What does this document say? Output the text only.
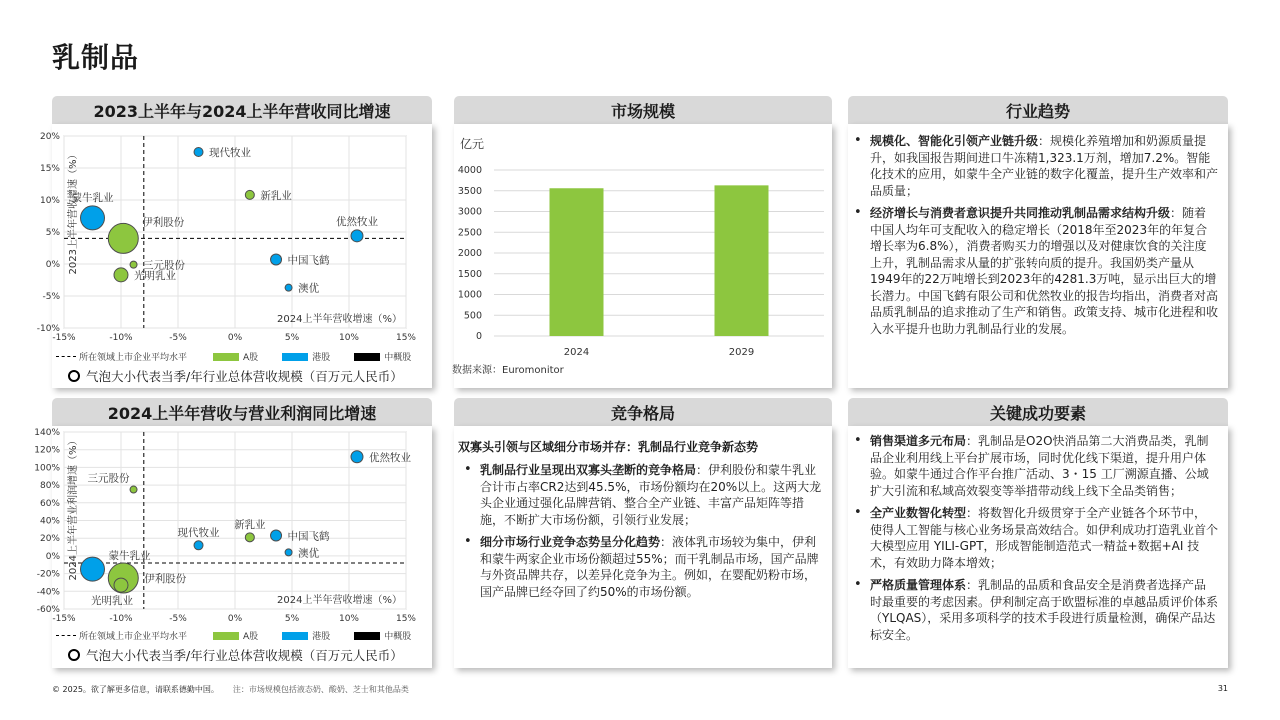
乳制品
2023上半年与2024上半年营收同比增速
20%
15%
10%
5%
0%
-5%
-10%
-15%	-10%	-5%	0%	5%	10%	15%
2024上半年营收增速（%）
2023上半年营收增速（%）	现代牧业
新乳业
蒙牛乳业
伊利股份	优然牧业
三元股份
光明乳业
中国飞鹤
澳优
所在领域上市企业平均水平	A股	港股	中概股
气泡大小代表当季/年行业总体营收规模（百万元人民币）
市场规模
亿元
4000
3500
3000
2500
2000
1500
1000
500
0
2024	2029
数据来源：Euromonitor
行业趋势
• 规模化、智能化引领产业链升级：规模化养殖增加和奶源质量提升，如我国报告期间进口牛冻精1,323.1万剂，增加7.2%。智能化技术的应用，如蒙牛全产业链的数字化覆盖，提升生产效率和产品质量；
• 经济增长与消费者意识提升共同推动乳制品需求结构升级：随着中国人均年可支配收入的稳定增长（2018年至2023年的年复合增长率为6.8%），消费者购买力的增强以及对健康饮食的关注度上升，乳制品需求从量的扩张转向质的提升。我国奶类产量从1949年的22万吨增长到2023年的4281.3万吨，显示出巨大的增长潜力。中国飞鹤有限公司和优然牧业的报告均指出，消费者对高品质乳制品的追求推动了生产和销售。政策支持、城市化进程和收入水平提升也助力乳制品行业的发展。
2024上半年营收与营业利润同比增速
140%
120%
100%
80%
60%
40%
20%
0%
-20%
-40%
-60%
-15%	-10%	-5%	0%	5%	10%	15%
2024上半年营收增速（%）
2024上半年营业利润增速（%）	优然牧业
三元股份
现代牧业
新乳业
中国飞鹤
澳优
蒙牛乳业
伊利股份
光明乳业
所在领域上市企业平均水平	A股	港股	中概股
气泡大小代表当季/年行业总体营收规模（百万元人民币）
竞争格局
双寡头引领与区域细分市场并存：乳制品行业竞争新态势
• 乳制品行业呈现出双寡头垄断的竞争格局：伊利股份和蒙牛乳业合计市占率CR2达到45.5%，市场份额均在20%以上。这两大龙头企业通过强化品牌营销、整合全产业链、丰富产品矩阵等措施，不断扩大市场份额，引领行业发展；
• 细分市场行业竞争态势呈分化趋势：液体乳市场较为集中，伊利和蒙牛两家企业市场份额超过55%；而干乳制品市场，国产品牌与外资品牌共存，以差异化竞争为主。例如，在婴配奶粉市场，国产品牌已经夺回了约50%的市场份额。
关键成功要素
• 销售渠道多元布局：乳制品是O2O快消品第二大消费品类，乳制品企业利用线上平台扩展市场，同时优化线下渠道，提升用户体验。如蒙牛通过合作平台推广活动、3・15 工厂溯源直播、公域扩大引流和私域高效裂变等举措带动线上线下全品类销售；
• 全产业数智化转型：将数智化升级贯穿于全产业链各个环节中，使得人工智能与核心业务场景高效结合。如伊利成功打造乳业首个大模型应用 YILI-GPT，形成智能制造范式一精益+数据+AI 技术，有效助力降本增效；
• 严格质量管理体系：乳制品的品质和食品安全是消费者选择产品时最重要的考虑因素。伊利制定高于欧盟标准的卓越品质评价体系（YLQAS），采用多项科学的技术手段进行质量检测，确保产品达标安全。
© 2025。欲了解更多信息，请联系德勤中国。 注：市场规模包括液态奶、酸奶、芝士和其他品类	31
